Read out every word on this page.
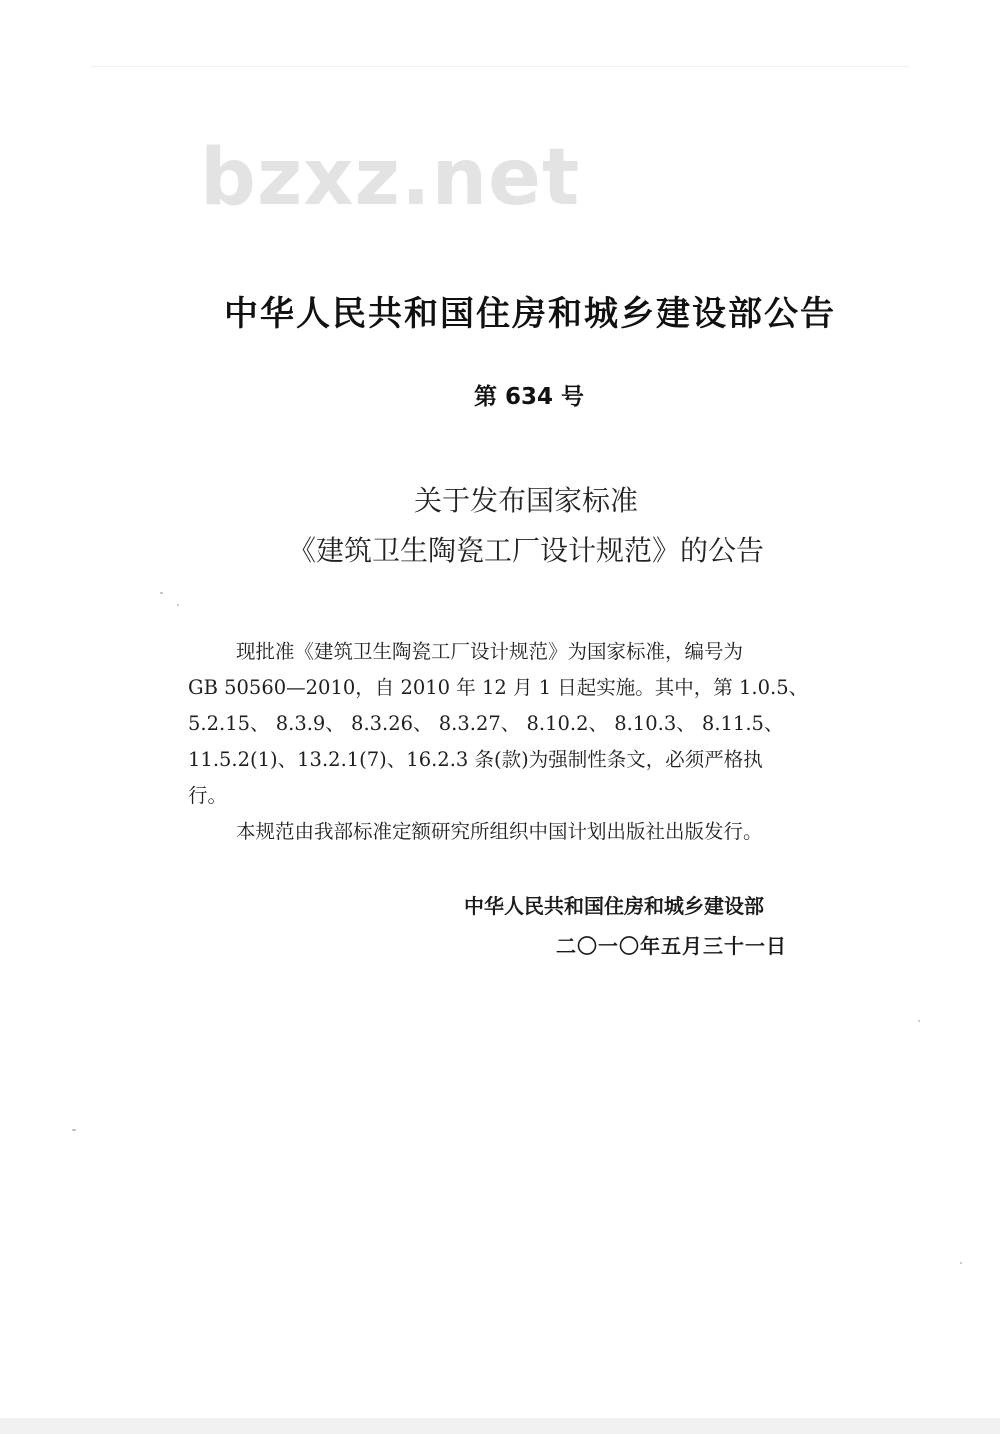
bzxz.net
中华人民共和国住房和城乡建设部公告
第 634 号
关于发布国家标准
《建筑卫生陶瓷工厂设计规范》的公告
现批准《建筑卫生陶瓷工厂设计规范》为国家标准，编号为
GB 50560—2010，自 2010 年 12 月 1 日起实施。其中，第 1.0.5、
5.2.15、 8.3.9、 8.3.26、 8.3.27、 8.10.2、 8.10.3、 8.11.5、
11.5.2(1)、13.2.1(7)、16.2.3 条(款)为强制性条文，必须严格执
行。
本规范由我部标准定额研究所组织中国计划出版社出版发行。
中华人民共和国住房和城乡建设部
二〇一〇年五月三十一日
